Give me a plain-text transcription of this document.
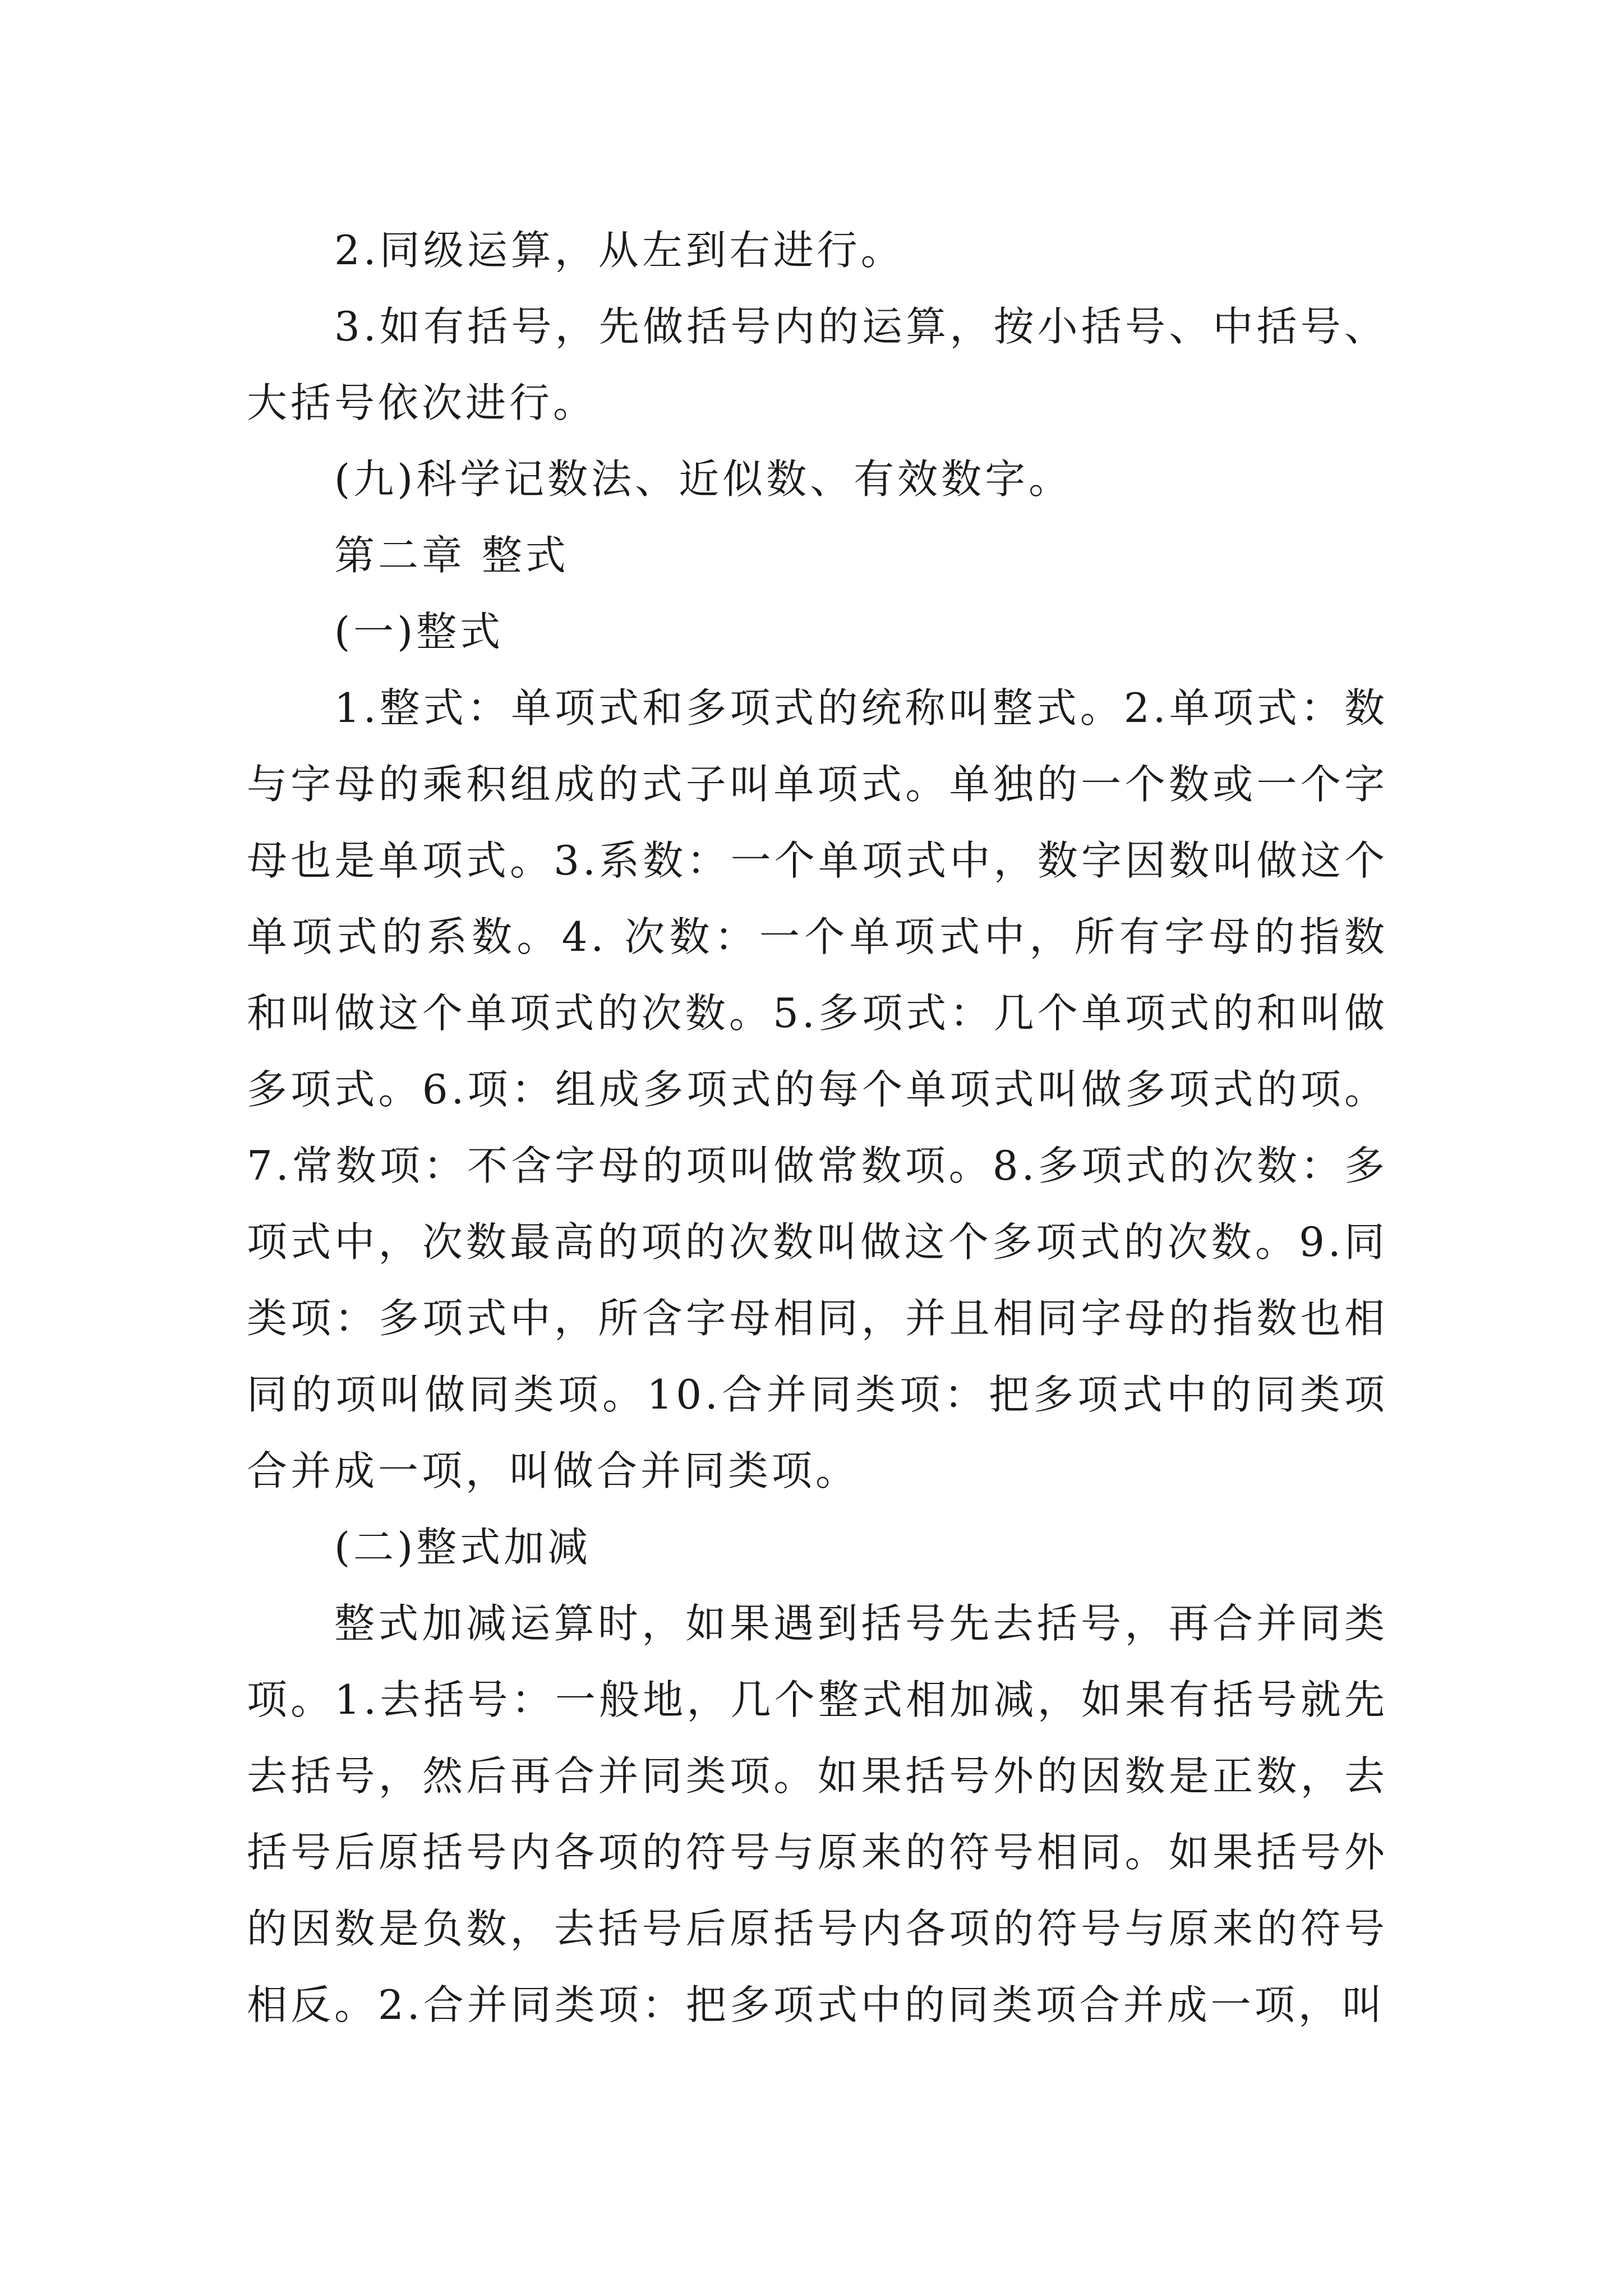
2.同级运算，从左到右进行。

3.如有括号，先做括号内的运算，按小括号、中括号、大括号依次进行。

(九)科学记数法、近似数、有效数字。

第二章 整式

(一)整式

1.整式：单项式和多项式的统称叫整式。2.单项式：数与字母的乘积组成的式子叫单项式。单独的一个数或一个字母也是单项式。3.系数：一个单项式中，数字因数叫做这个单项式的系数。4. 次数：一个单项式中，所有字母的指数和叫做这个单项式的次数。5.多项式：几个单项式的和叫做多项式。6.项：组成多项式的每个单项式叫做多项式的项。7.常数项：不含字母的项叫做常数项。8.多项式的次数：多项式中，次数最高的项的次数叫做这个多项式的次数。9.同类项：多项式中，所含字母相同，并且相同字母的指数也相同的项叫做同类项。10.合并同类项：把多项式中的同类项合并成一项，叫做合并同类项。

(二)整式加减

整式加减运算时，如果遇到括号先去括号，再合并同类项。1.去括号：一般地，几个整式相加减，如果有括号就先去括号，然后再合并同类项。如果括号外的因数是正数，去括号后原括号内各项的符号与原来的符号相同。如果括号外的因数是负数，去括号后原括号内各项的符号与原来的符号相反。2.合并同类项：把多项式中的同类项合并成一项，叫
